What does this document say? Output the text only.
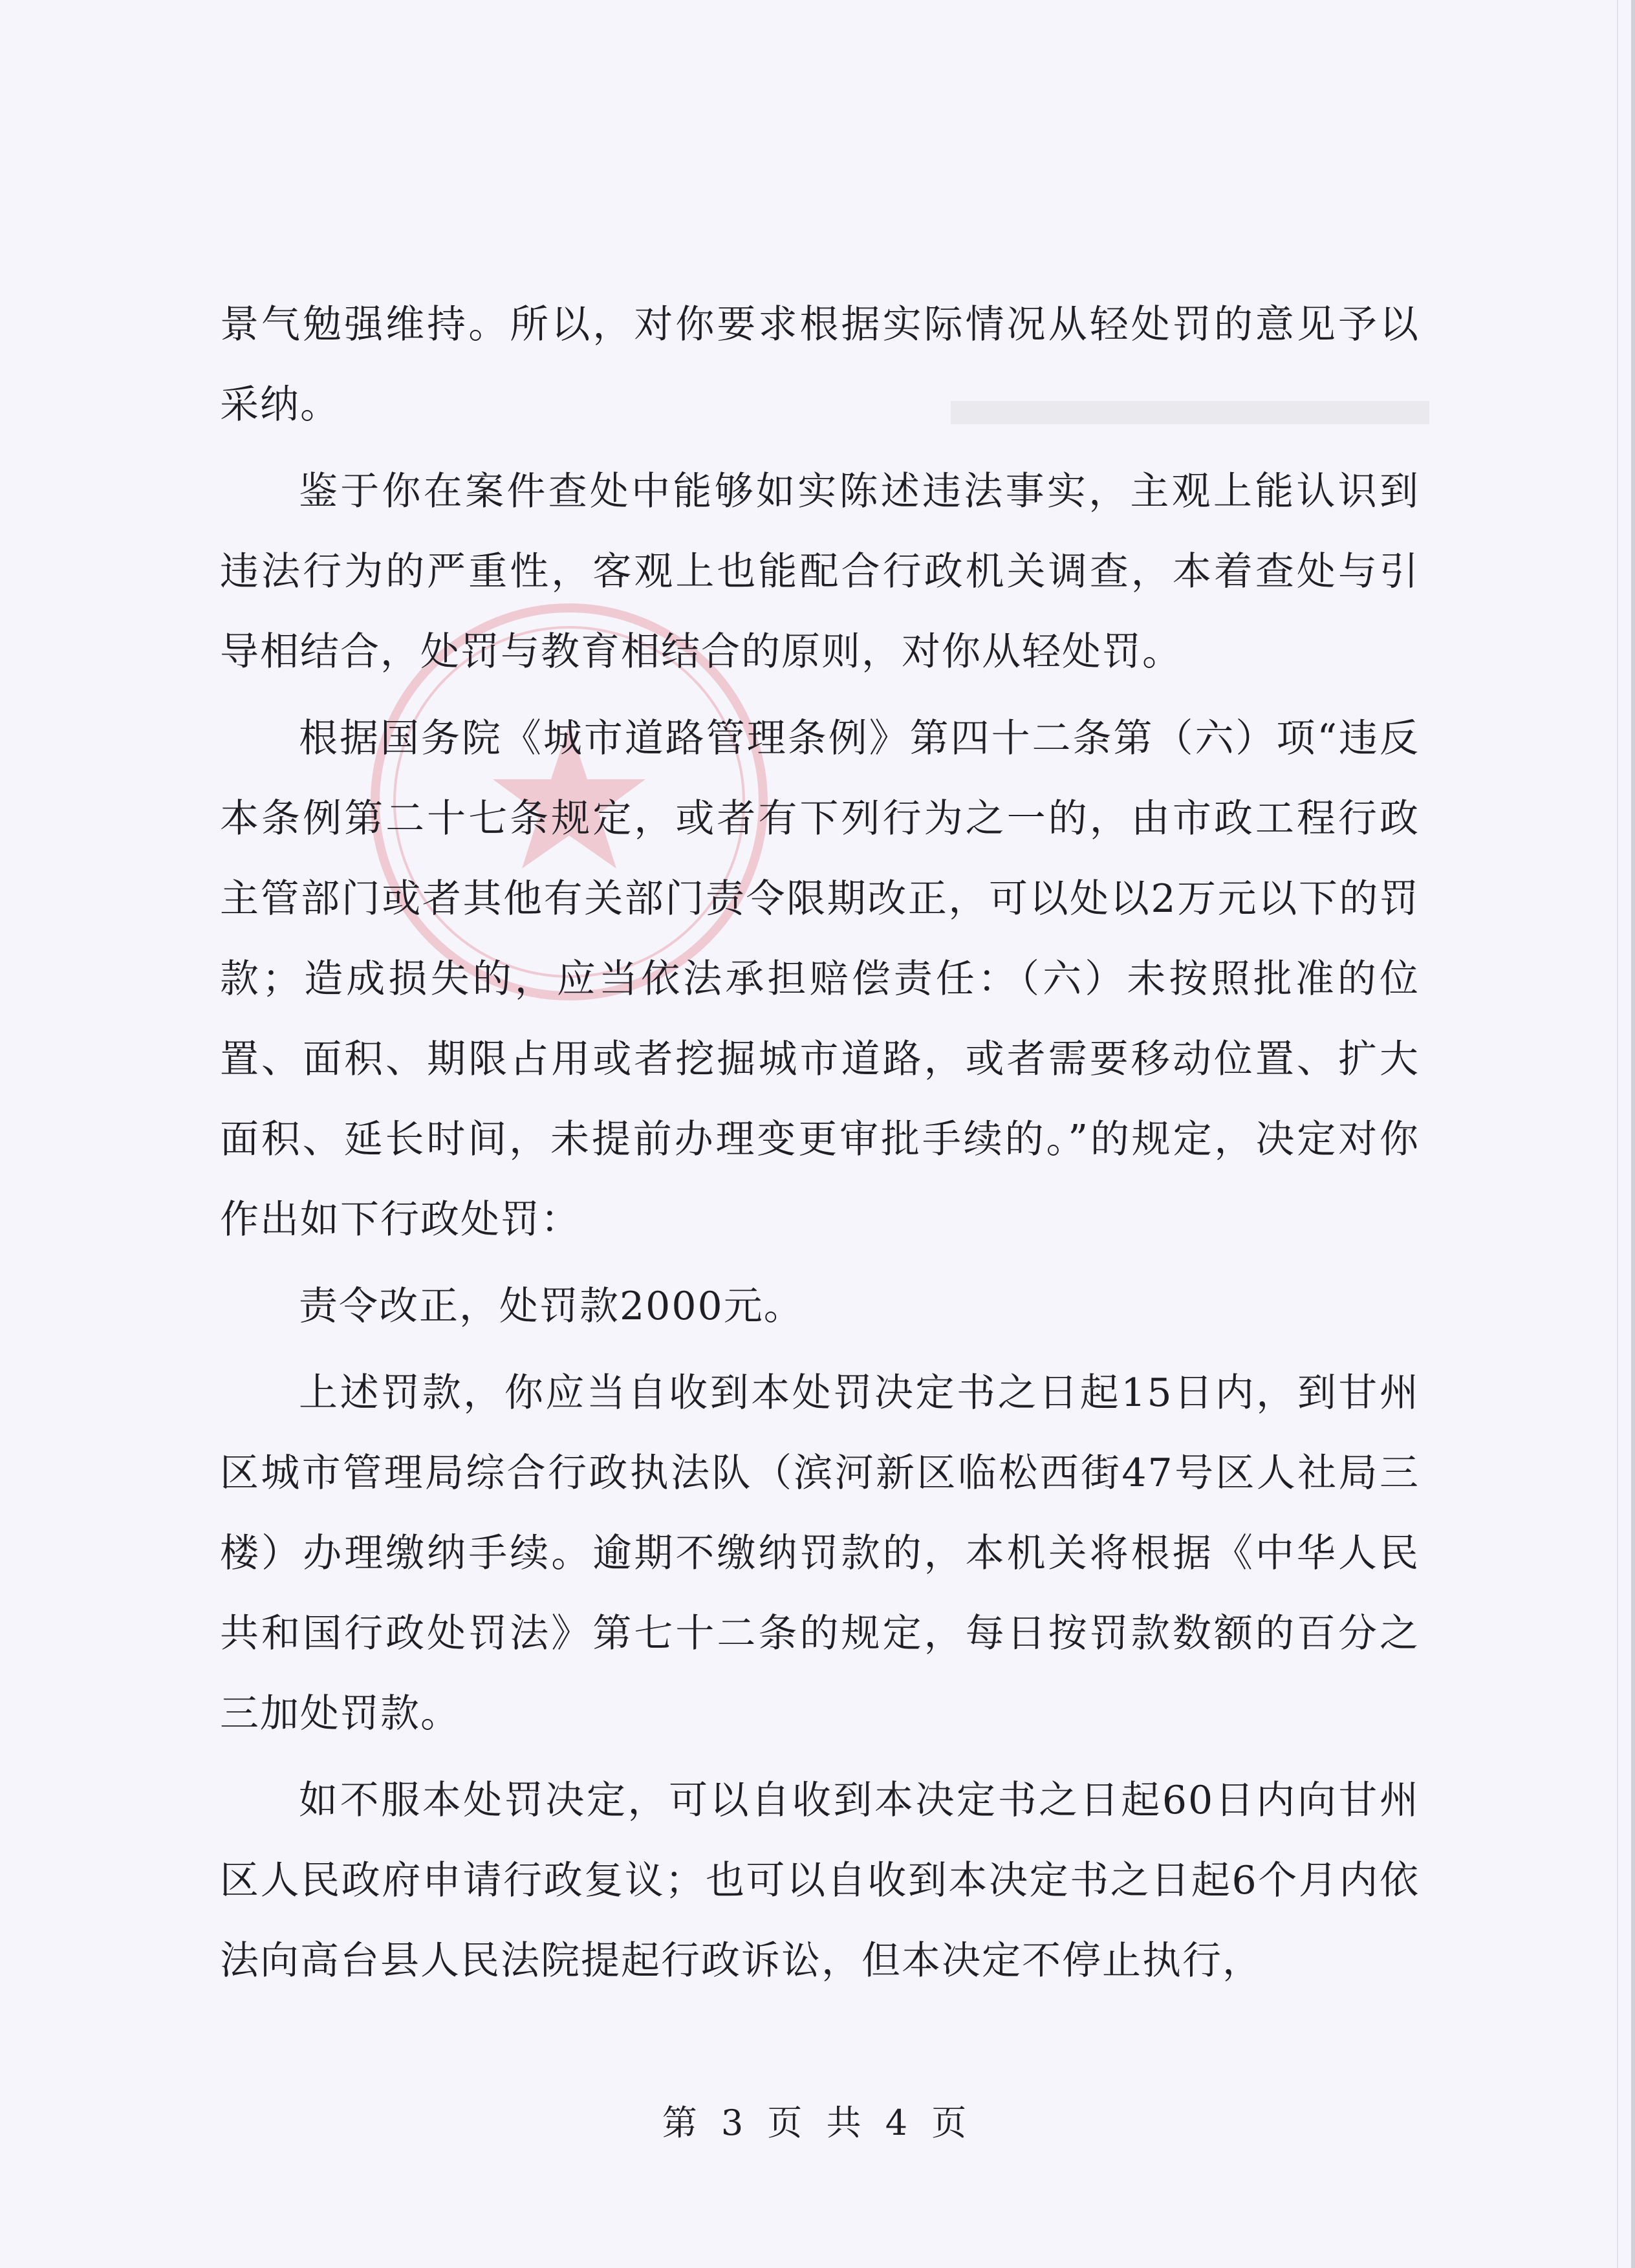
景气勉强维持。所以，对你要求根据实际情况从轻处罚的意见予以采纳。

鉴于你在案件查处中能够如实陈述违法事实，主观上能认识到违法行为的严重性，客观上也能配合行政机关调查，本着查处与引导相结合，处罚与教育相结合的原则，对你从轻处罚。

根据国务院《城市道路管理条例》第四十二条第（六）项“违反本条例第二十七条规定，或者有下列行为之一的，由市政工程行政主管部门或者其他有关部门责令限期改正，可以处以2万元以下的罚款；造成损失的，应当依法承担赔偿责任：（六）未按照批准的位置、面积、期限占用或者挖掘城市道路，或者需要移动位置、扩大面积、延长时间，未提前办理变更审批手续的。”的规定，决定对你作出如下行政处罚：

责令改正，处罚款2000元。

上述罚款，你应当自收到本处罚决定书之日起15日内，到甘州区城市管理局综合行政执法队（滨河新区临松西街47号区人社局三楼）办理缴纳手续。逾期不缴纳罚款的，本机关将根据《中华人民共和国行政处罚法》第七十二条的规定，每日按罚款数额的百分之三加处罚款。

如不服本处罚决定，可以自收到本决定书之日起60日内向甘州区人民政府申请行政复议；也可以自收到本决定书之日起6个月内依法向高台县人民法院提起行政诉讼，但本决定不停止执行，

第 3 页 共 4 页
